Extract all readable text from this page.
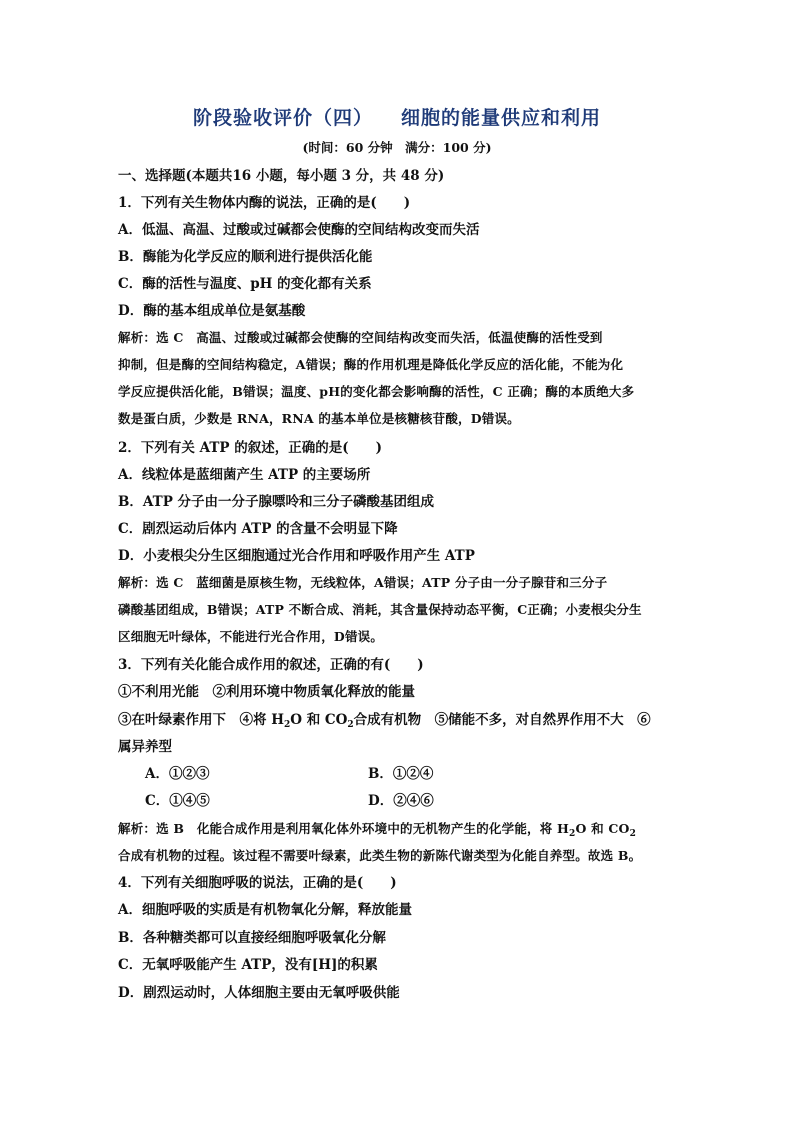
阶段验收评价（四） 细胞的能量供应和利用
(时间：60 分钟　满分：100 分)
一、选择题(本题共16 小题，每小题 3 分，共 48 分)
1．下列有关生物体内酶的说法，正确的是(　　)
A．低温、高温、过酸或过碱都会使酶的空间结构改变而失活
B．酶能为化学反应的顺利进行提供活化能
C．酶的活性与温度、pH 的变化都有关系
D．酶的基本组成单位是氨基酸
解析：选 C　高温、过酸或过碱都会使酶的空间结构改变而失活，低温使酶的活性受到
抑制，但是酶的空间结构稳定，A错误；酶的作用机理是降低化学反应的活化能，不能为化
学反应提供活化能，B错误；温度、pH的变化都会影响酶的活性，C 正确；酶的本质绝大多
数是蛋白质，少数是 RNA，RNA 的基本单位是核糖核苷酸，D错误。
2．下列有关 ATP 的叙述，正确的是(　　)
A．线粒体是蓝细菌产生 ATP 的主要场所
B．ATP 分子由一分子腺嘌呤和三分子磷酸基团组成
C．剧烈运动后体内 ATP 的含量不会明显下降
D．小麦根尖分生区细胞通过光合作用和呼吸作用产生 ATP
解析：选 C　蓝细菌是原核生物，无线粒体，A错误；ATP 分子由一分子腺苷和三分子
磷酸基团组成，B错误；ATP 不断合成、消耗，其含量保持动态平衡，C正确；小麦根尖分生
区细胞无叶绿体，不能进行光合作用，D错误。
3．下列有关化能合成作用的叙述，正确的有(　　)
①不利用光能　②利用环境中物质氧化释放的能量
③在叶绿素作用下　④将 $H_2O$ 和 $CO_2$合成有机物　⑤储能不多，对自然界作用不大　⑥
属异养型
A．①②③	B．①②④
C．①④⑤	D．②④⑥
解析：选 B　化能合成作用是利用氧化体外环境中的无机物产生的化学能，将 $H_2O$ 和 $CO_2$
合成有机物的过程。该过程不需要叶绿素，此类生物的新陈代谢类型为化能自养型。故选 B。
4．下列有关细胞呼吸的说法，正确的是(　　)
A．细胞呼吸的实质是有机物氧化分解，释放能量
B．各种糖类都可以直接经细胞呼吸氧化分解
C．无氧呼吸能产生 ATP，没有[H]的积累
D．剧烈运动时，人体细胞主要由无氧呼吸供能
